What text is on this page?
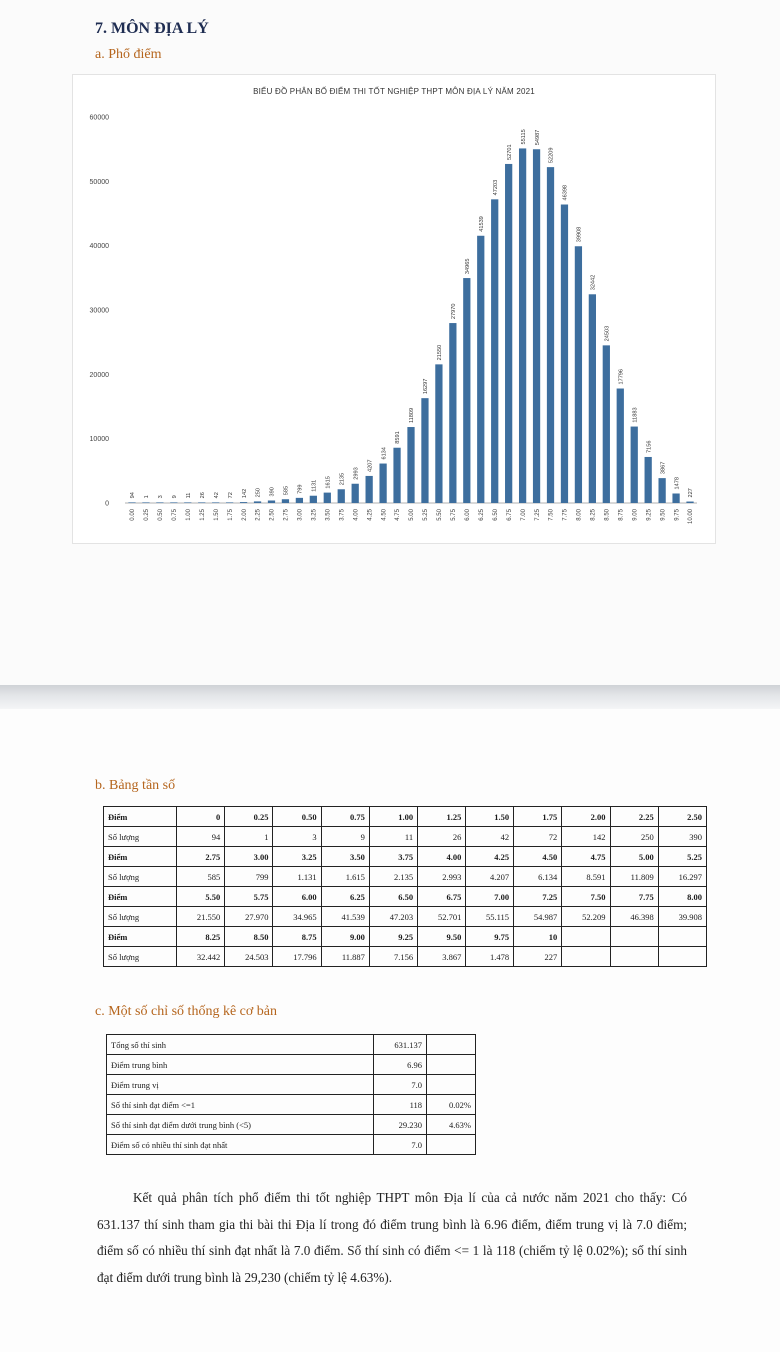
7. MÔN ĐỊA LÝ
a. Phổ điểm
BIỂU ĐỒ PHÂN BỐ ĐIỂM THI TỐT NGHIỆP THPT MÔN ĐỊA LÝ NĂM 2021
0
10000
20000
30000
40000
50000
60000
94
0.00
1
0.25
3
0.50
9
0.75
11
1.00
26
1.25
42
1.50
72
1.75
142
2.00
250
2.25
390
2.50
585
2.75
799
3.00
1131
3.25
1615
3.50
2135
3.75
2993
4.00
4207
4.25
6134
4.50
8591
4.75
11809
5.00
16297
5.25
21550
5.50
27970
5.75
34965
6.00
41539
6.25
47203
6.50
52701
6.75
55115
7.00
54987
7.25
52209
7.50
46398
7.75
39908
8.00
32442
8.25
24503
8.50
17796
8.75
11883
9.00
7156
9.25
3867
9.50
1478
9.75
227
10.00
b. Bảng tần số
Điểm	0	0.25	0.50	0.75	1.00	1.25	1.50	1.75	2.00	2.25	2.50
Số lượng	94	1	3	9	11	26	42	72	142	250	390
Điểm	2.75	3.00	3.25	3.50	3.75	4.00	4.25	4.50	4.75	5.00	5.25
Số lượng	585	799	1.131	1.615	2.135	2.993	4.207	6.134	8.591	11.809	16.297
Điểm	5.50	5.75	6.00	6.25	6.50	6.75	7.00	7.25	7.50	7.75	8.00
Số lượng	21.550	27.970	34.965	41.539	47.203	52.701	55.115	54.987	52.209	46.398	39.908
Điểm	8.25	8.50	8.75	9.00	9.25	9.50	9.75	10			
Số lượng	32.442	24.503	17.796	11.887	7.156	3.867	1.478	227			
c. Một số chỉ số thống kê cơ bản
Tổng số thí sinh	631.137	
Điểm trung bình	6.96	
Điểm trung vị	7.0	
Số thí sinh đạt điểm <=1	118	0.02%
Số thí sinh đạt điểm dưới trung bình (<5)	29.230	4.63%
Điểm số có nhiều thí sinh đạt nhất	7.0	
Kết quả phân tích phổ điểm thi tốt nghiệp THPT môn Địa lí của cả nước năm 2021 cho thấy: Có 631.137 thí sinh tham gia thi bài thi Địa lí trong đó điểm trung bình là 6.96 điểm, điểm trung vị là 7.0 điểm; điểm số có nhiều thí sinh đạt nhất là 7.0 điểm. Số thí sinh có điểm <= 1 là 118 (chiếm tỷ lệ 0.02%); số thí sinh đạt điểm dưới trung bình là 29,230 (chiếm tỷ lệ 4.63%).
